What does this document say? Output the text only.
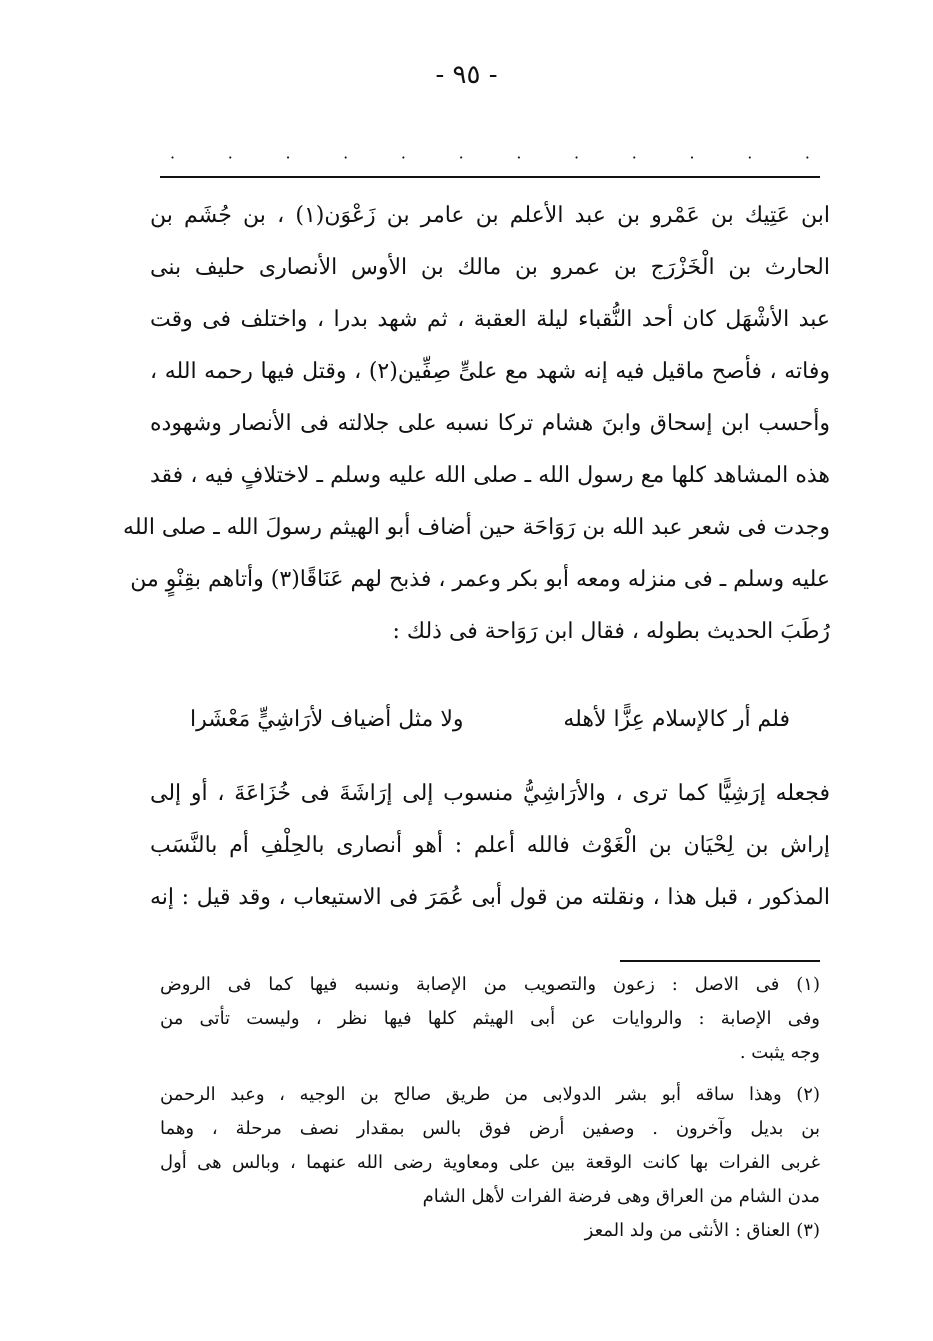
- ٩٥ -
·
·
·
·
·
·
·
·
·
·
·
·
ابن عَتِيك بن عَمْرو بن عبد الأعلم بن عامر بن زَعْوَن(١) ، بن جُشَم بن
الحارث بن الْخَزْرَج بن عمرو بن مالك بن الأوس الأنصارى حليف بنى
عبد الأشْهَل كان أحد النُّقباء ليلة العقبة ، ثم شهد بدرا ، واختلف فى وقت
وفاته ، فأصح ماقيل فيه إنه شهد مع علىٍّ صِفِّين(٢) ، وقتل فيها رحمه الله ،
وأحسب ابن إسحاق وابنَ هشام تركا نسبه على جلالته فى الأنصار وشهوده
هذه المشاهد كلها مع رسول الله ـ صلى الله عليه وسلم ـ لاختلافٍ فيه ، فقد
وجدت فى شعر عبد الله بن رَوَاحَة حين أضاف أبو الهيثم رسولَ الله ـ صلى الله
عليه وسلم ـ فى منزله ومعه أبو بكر وعمر ، فذبح لهم عَنَاقًا(٣) وأتاهم بقِنْوٍ من
رُطَبَ الحديث بطوله ، فقال ابن رَوَاحة فى ذلك :
فلم أر كالإسلام عِزًّا لأهله
ولا مثل أضياف لأرَاشِيٍّ مَعْشَرا
فجعله إرَشِيًّا كما ترى ، والأرَاشِيُّ منسوب إلى إرَاشَةَ فى خُزَاعَةَ ، أو إلى
إراش بن لِحْيَان بن الْغَوْث فالله أعلم : أهو أنصارى بالحِلْفِ أم بالنَّسَب
المذكور ، قبل هذا ، ونقلته من قول أبى عُمَرَ فى الاستيعاب ، وقد قيل : إنه
(١) فى الاصل : زعون والتصويب من الإصابة ونسبه فيها كما فى الروض
وفى الإصابة : والروايات عن أبى الهيثم كلها فيها نظر ، وليست تأتى من
وجه يثبت .
(٢) وهذا ساقه أبو بشر الدولابى من طريق صالح بن الوجيه ، وعبد الرحمن
بن بديل وآخرون . وصفين أرض فوق بالس بمقدار نصف مرحلة ، وهما
غربى الفرات بها كانت الوقعة بين على ومعاوية رضى الله عنهما ، وبالس هى أول
مدن الشام من العراق وهى فرضة الفرات لأهل الشام
(٣) العناق : الأنثى من ولد المعز
